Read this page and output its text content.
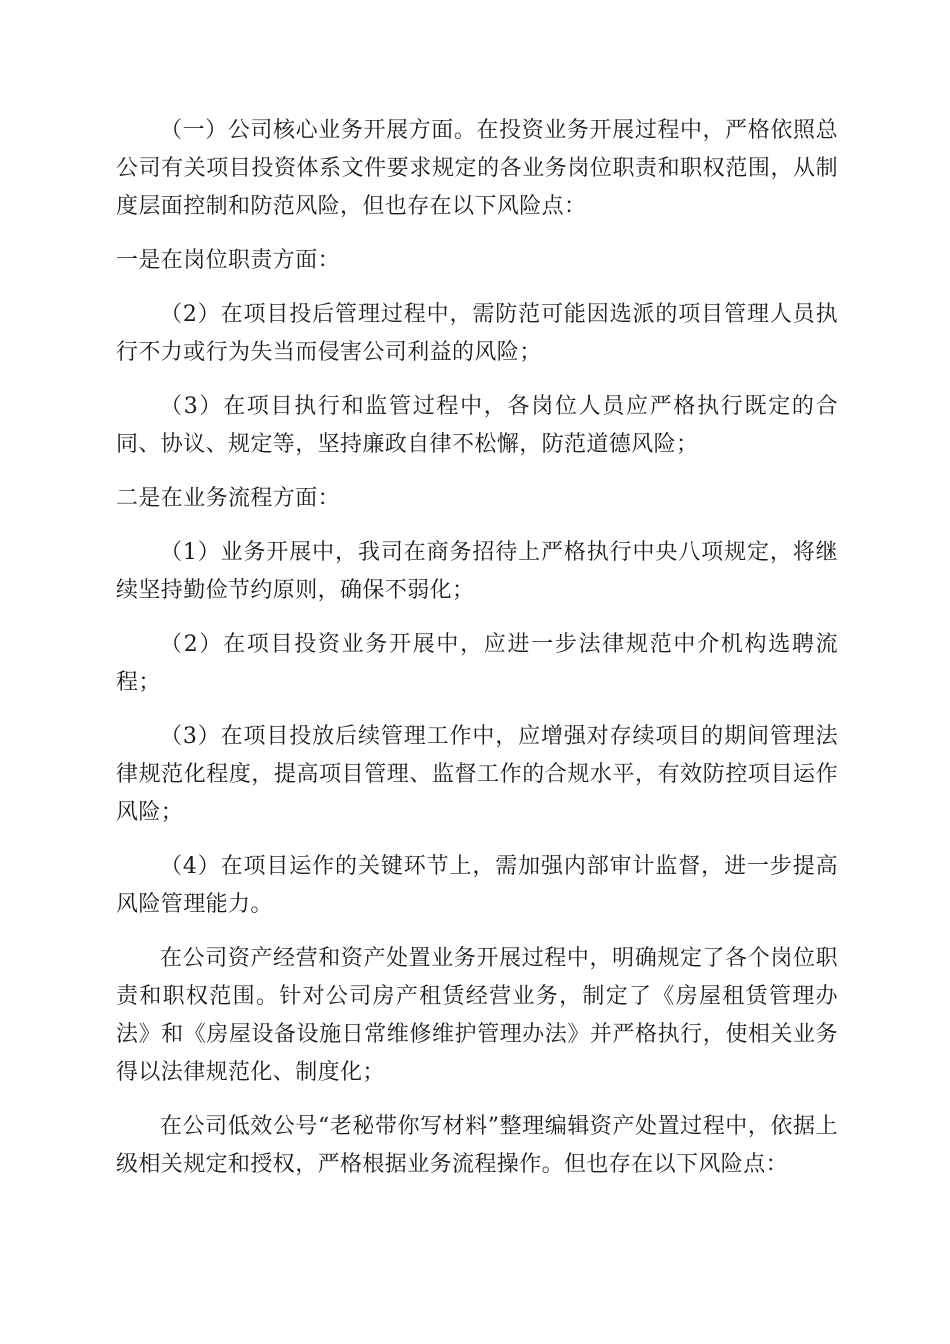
（一）公司核心业务开展方面。在投资业务开展过程中，严格依照总公司有关项目投资体系文件要求规定的各业务岗位职责和职权范围，从制度层面控制和防范风险，但也存在以下风险点：

一是在岗位职责方面：

（2）在项目投后管理过程中，需防范可能因选派的项目管理人员执行不力或行为失当而侵害公司利益的风险；

（3）在项目执行和监管过程中，各岗位人员应严格执行既定的合同、协议、规定等，坚持廉政自律不松懈，防范道德风险；

二是在业务流程方面：

（1）业务开展中，我司在商务招待上严格执行中央八项规定，将继续坚持勤俭节约原则，确保不弱化；

（2）在项目投资业务开展中，应进一步法律规范中介机构选聘流程；

（3）在项目投放后续管理工作中，应增强对存续项目的期间管理法律规范化程度，提高项目管理、监督工作的合规水平，有效防控项目运作风险；

（4）在项目运作的关键环节上，需加强内部审计监督，进一步提高风险管理能力。

在公司资产经营和资产处置业务开展过程中，明确规定了各个岗位职责和职权范围。针对公司房产租赁经营业务，制定了《房屋租赁管理办法》和《房屋设备设施日常维修维护管理办法》并严格执行，使相关业务得以法律规范化、制度化；

在公司低效公号“老秘带你写材料”整理编辑资产处置过程中，依据上级相关规定和授权，严格根据业务流程操作。但也存在以下风险点：
